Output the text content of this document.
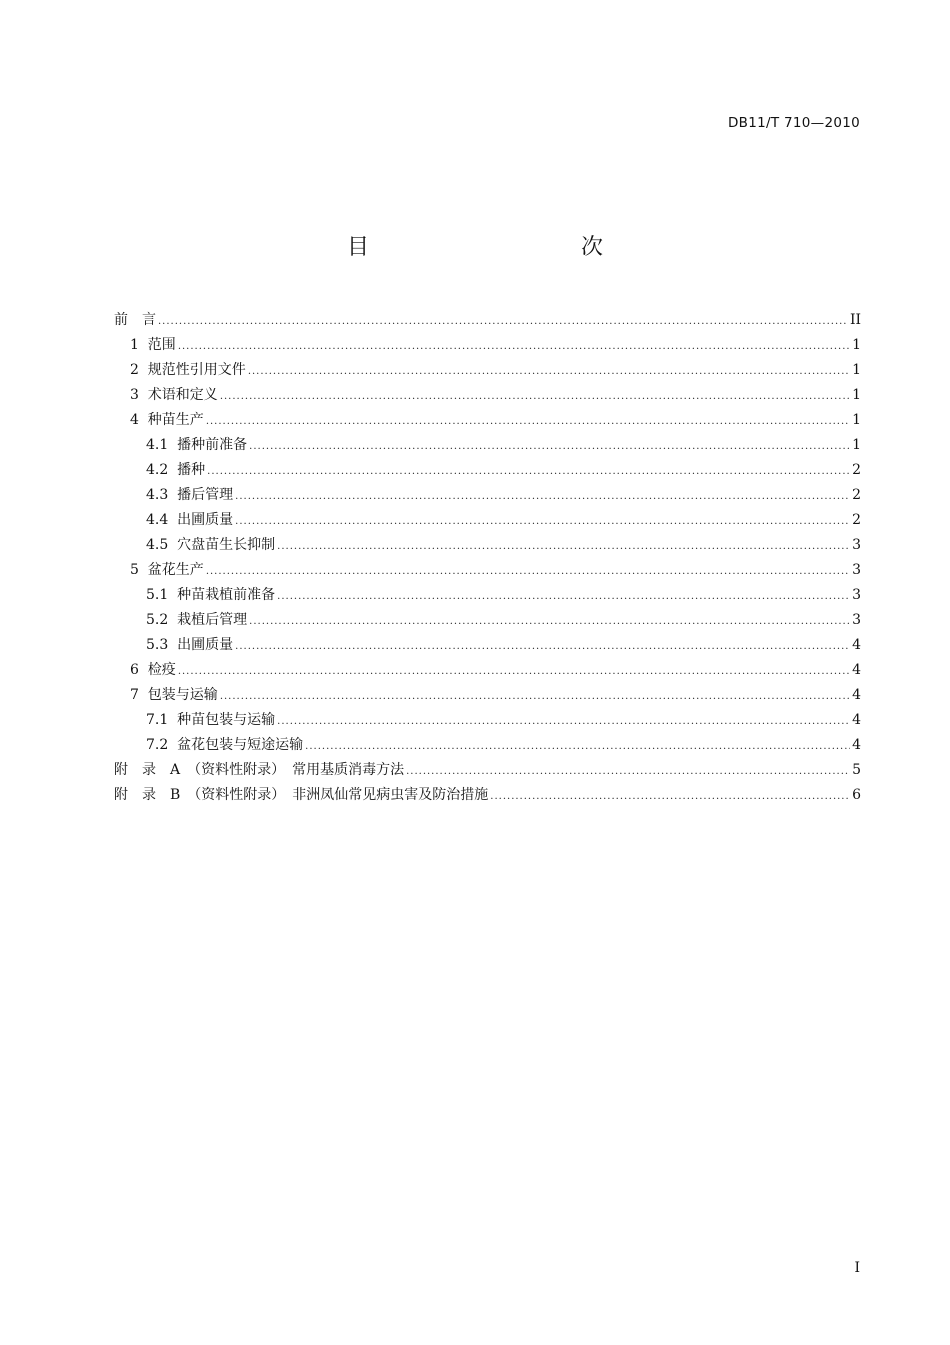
DB11/T 710—2010
目　　次
前　言 .....	II
1  范围 .....	1
2  规范性引用文件 .....	1
3  术语和定义 .....	1
4  种苗生产 .....	1
4.1  播种前准备 .....	1
4.2  播种 .....	2
4.3  播后管理 .....	2
4.4  出圃质量 .....	2
4.5  穴盘苗生长抑制 .....	3
5  盆花生产 .....	3
5.1  种苗栽植前准备 .....	3
5.2  栽植后管理 .....	3
5.3  出圃质量 .....	4
6  检疫 .....	4
7  包装与运输 .....	4
7.1  种苗包装与运输 .....	4
7.2  盆花包装与短途运输 .....	4
附　录　A　（资料性附录）　常用基质消毒方法 .....	5
附　录　B　（资料性附录）　非洲凤仙常见病虫害及防治措施 .....	6
I
